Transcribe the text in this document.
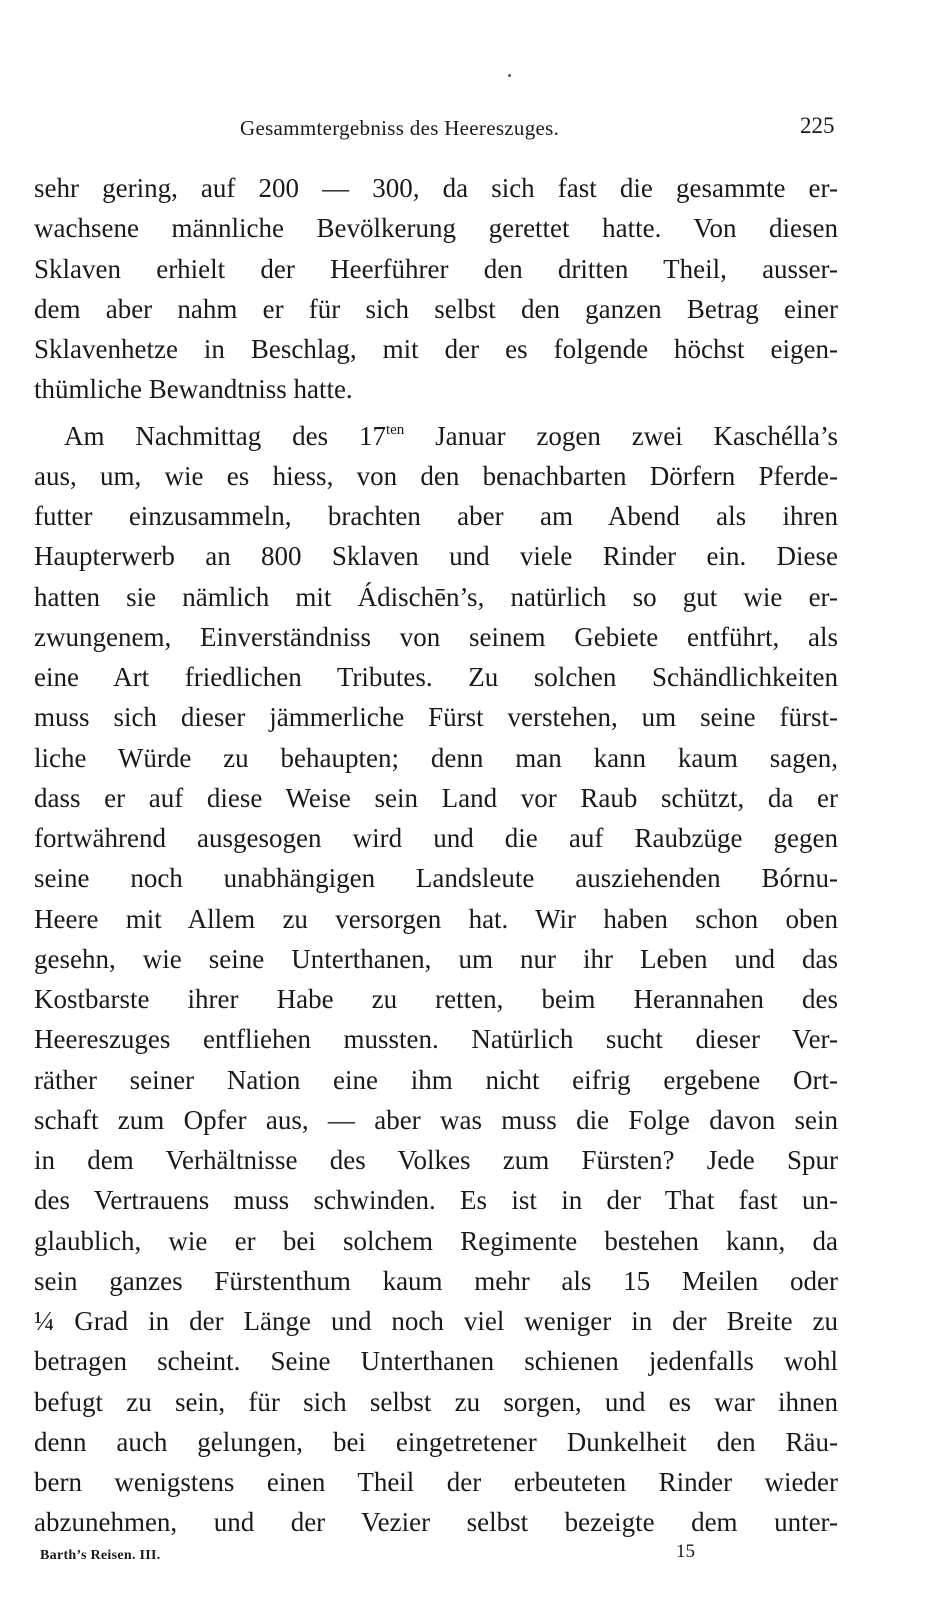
Gesammtergebniss des Heereszuges.	225
sehr gering, auf 200 — 300, da sich fast die gesammte er-
wachsene männliche Bevölkerung gerettet hatte. Von diesen
Sklaven erhielt der Heerführer den dritten Theil, ausser-
dem aber nahm er für sich selbst den ganzen Betrag einer
Sklavenhetze in Beschlag, mit der es folgende höchst eigen-
thümliche Bewandtniss hatte.
Am Nachmittag des $17^{ten}$ Januar zogen zwei Kaschélla’s
aus, um, wie es hiess, von den benachbarten Dörfern Pferde-
futter einzusammeln, brachten aber am Abend als ihren
Haupterwerb an 800 Sklaven und viele Rinder ein. Diese
hatten sie nämlich mit Ádischēn’s, natürlich so gut wie er-
zwungenem, Einverständniss von seinem Gebiete entführt, als
eine Art friedlichen Tributes. Zu solchen Schändlichkeiten
muss sich dieser jämmerliche Fürst verstehen, um seine fürst-
liche Würde zu behaupten; denn man kann kaum sagen,
dass er auf diese Weise sein Land vor Raub schützt, da er
fortwährend ausgesogen wird und die auf Raubzüge gegen
seine noch unabhängigen Landsleute ausziehenden Bórnu-
Heere mit Allem zu versorgen hat. Wir haben schon oben
gesehn, wie seine Unterthanen, um nur ihr Leben und das
Kostbarste ihrer Habe zu retten, beim Herannahen des
Heereszuges entfliehen mussten. Natürlich sucht dieser Ver-
räther seiner Nation eine ihm nicht eifrig ergebene Ort-
schaft zum Opfer aus, — aber was muss die Folge davon sein
in dem Verhältnisse des Volkes zum Fürsten? Jede Spur
des Vertrauens muss schwinden. Es ist in der That fast un-
glaublich, wie er bei solchem Regimente bestehen kann, da
sein ganzes Fürstenthum kaum mehr als 15 Meilen oder
¼ Grad in der Länge und noch viel weniger in der Breite zu
betragen scheint. Seine Unterthanen schienen jedenfalls wohl
befugt zu sein, für sich selbst zu sorgen, und es war ihnen
denn auch gelungen, bei eingetretener Dunkelheit den Räu-
bern wenigstens einen Theil der erbeuteten Rinder wieder
abzunehmen, und der Vezier selbst bezeigte dem unter-
Barth’s Reisen. III.	15
